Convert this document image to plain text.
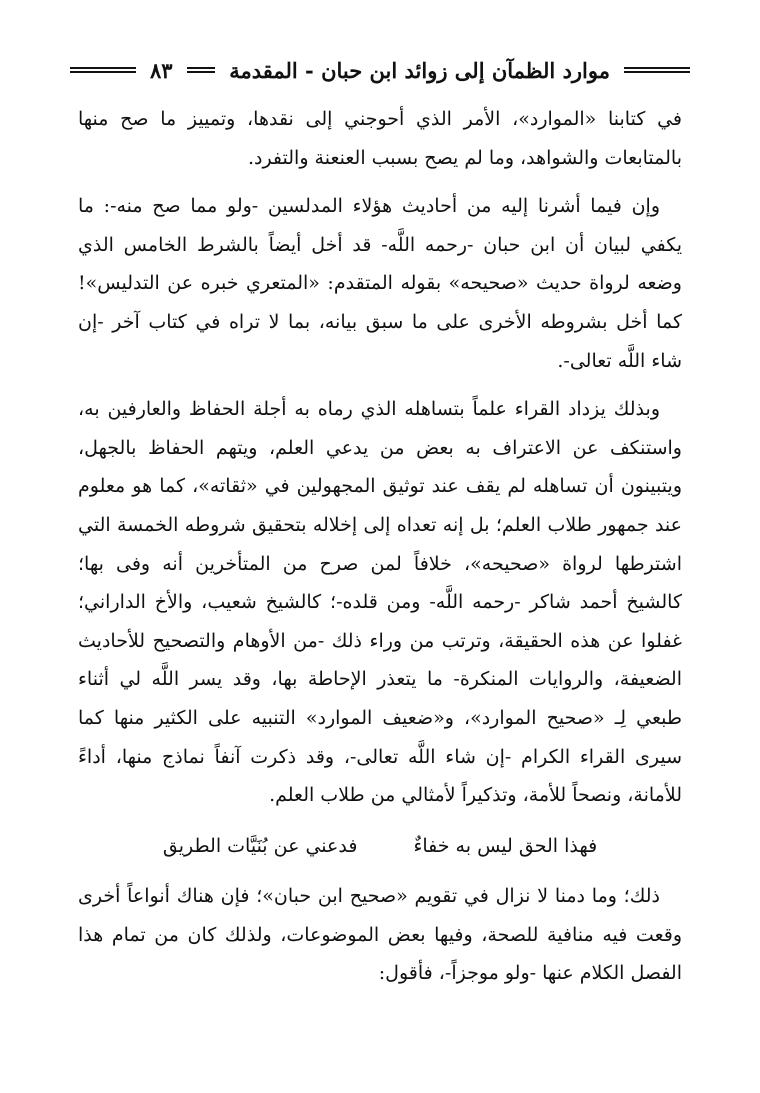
موارد الظمآن إلى زوائد ابن حبان - المقدمة
٨٣

في كتابنا «الموارد»، الأمر الذي أحوجني إلى نقدها، وتمييز ما صح منها بالمتابعات والشواهد، وما لم يصح بسبب العنعنة والتفرد.

وإن فيما أشرنا إليه من أحاديث هؤلاء المدلسين -ولو مما صح منه-: ما يكفي لبيان أن ابن حبان -رحمه اللَّه- قد أخل أيضاً بالشرط الخامس الذي وضعه لرواة حديث «صحيحه» بقوله المتقدم: «المتعري خبره عن التدليس»! كما أخل بشروطه الأخرى على ما سبق بيانه، بما لا تراه في كتاب آخر -إن شاء اللَّه تعالى-.

وبذلك يزداد القراء علماً بتساهله الذي رماه به أجلة الحفاظ والعارفين به، واستنكف عن الاعتراف به بعض من يدعي العلم، ويتهم الحفاظ بالجهل، ويتبينون أن تساهله لم يقف عند توثيق المجهولين في «ثقاته»، كما هو معلوم عند جمهور طلاب العلم؛ بل إنه تعداه إلى إخلاله بتحقيق شروطه الخمسة التي اشترطها لرواة «صحيحه»، خلافاً لمن صرح من المتأخرين أنه وفى بها؛ كالشيخ أحمد شاكر -رحمه اللَّه- ومن قلده-؛ كالشيخ شعيب، والأخ الداراني؛ غفلوا عن هذه الحقيقة، وترتب من وراء ذلك -من الأوهام والتصحيح للأحاديث الضعيفة، والروايات المنكرة- ما يتعذر الإحاطة بها، وقد يسر اللَّه لي أثناء طبعي لِـ «صحيح الموارد»، و«ضعيف الموارد» التنبيه على الكثير منها كما سيرى القراء الكرام -إن شاء اللَّه تعالى-، وقد ذكرت آنفاً نماذج منها، أداءً للأمانة، ونصحاً للأمة، وتذكيراً لأمثالي من طلاب العلم.

فهذا الحق ليس به خفاءٌ
فدعني عن بُنَيَّات الطريق

ذلك؛ وما دمنا لا نزال في تقويم «صحيح ابن حبان»؛ فإن هناك أنواعاً أخرى وقعت فيه منافية للصحة، وفيها بعض الموضوعات، ولذلك كان من تمام هذا الفصل الكلام عنها -ولو موجزاً-، فأقول:
